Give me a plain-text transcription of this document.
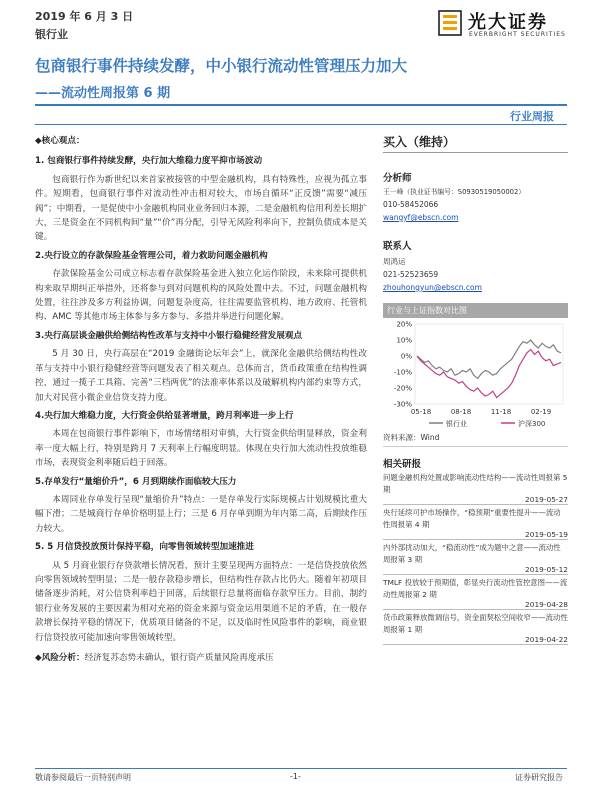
2019 年 6 月 3 日
银行业
光大证券
EVERBRIGHT SECURITIES
包商银行事件持续发酵，中小银行流动性管理压力加大
——流动性周报第 6 期
行业周报
◆核心观点：
1. 包商银行事件持续发酵，央行加大维稳力度平抑市场波动

包商银行作为新世纪以来首家被接管的中型金融机构，具有特殊性，应视为孤立事件。短期看，包商银行事件对流动性冲击相对较大，市场自循环“正反馈”需要“减压阀”；中期看，一是促使中小金融机构同业业务回归本源，二是金融机构信用利差长期扩大，三是资金在不同机构间“量”“价”再分配，引导无风险利率向下，控制负债成本是关键。

2.央行设立的存款保险基金管理公司，着力救助问题金融机构

存款保险基金公司成立标志着存款保险基金进入独立化运作阶段，未来除可提供机构来取早期纠正举措外，还将参与到对问题机构的风险处置中去。不过，问题金融机构处置，往往涉及多方利益协调，问题复杂度高，往往需要监管机构、地方政府、托管机构、AMC 等其他市场主体参与多方参与、多措并举进行问题化解。

3.央行高层谈金融供给侧结构性改革与支持中小银行稳健经营发展观点

5 月 30 日，央行高层在“2019 金融街论坛年会”上，就深化金融供给侧结构性改革与支持中小银行稳健经营等问题发表了相关观点。总体而言，货币政策重在结构性调控，通过一揽子工具箱、完善“三档两优”的法准率体系以及破解机构内部约束等方式，加大对民营小微企业信贷支持力度。

4.央行加大维稳力度，大行资金供给显著增量，跨月利率进一步上行

本周在包商银行事件影响下，市场情绪相对审慎，大行资金供给明显释放，资金利率一度大幅上行，特别是跨月 7 天利率上行幅度明显。体现在央行加大流动性投放维稳市场，表现资金利率随后趋于回落。

5.存单发行“量缩价升”，6 月到期续作面临较大压力

本周同业存单发行呈现“量缩价升”特点：一是存单发行实际规模占计划规模比重大幅下滑；二是城商行存单价格明显上行；三是 6 月存单到期为年内第二高，后期续作压力较大。

5. 5 月信贷投放预计保持平稳，向零售领域转型加速推进

从 5 月商业银行存贷款增长情况看，预计主要呈现两方面特点：一是信贷投放依然向零售领域转型明显；二是一般存款稳步增长，但结构性存款占比仍大。随着年初项目储备逐步消耗，对公信贷利率趋于回落，后续银行总量将面临存款窄压力。目前，制约银行业务发展的主要因素为相对充裕的资金来源与资金运用渠道不足的矛盾，在一般存款增长保持平稳的情况下，优质项目储备的不足，以及临时性风险事件的影响，商业银行信贷投放可能加速向零售领域转型。

◆风险分析：经济复苏态势未确认，银行资产质量风险再度承压
买入（维持）
分析师
王一峰（执业证书编号：S0930519050002）
010-58452066
wangyf@ebscn.com
联系人
周鸿运
021-52523659
zhouhongyun@ebscn.com
行业与上证指数对比图
20%
10%
0%
-10%
-20%
-30%
05-18	08-18	11-18	02-19
银行业	沪深300
资料来源：Wind
相关研报
问题金融机构处置或影响流动性结构——流动性周报第 5 期
2019-05-27
央行延续可护市场操作，“稳预期”重要性提升——流动性周报第 4 期
2019-05-19
内外部扰动加大，“稳流动性”成为题中之意——流动性周报第 3 期
2019-05-12
TMLF 投放较于预期值，彰显央行流动性管控意图——流动性周报第 2 期
2019-04-28
货币政策释放微调信号，资金面契松空间收窄——流动性周报第 1 期
2019-04-22
敬请参阅最后一页特别声明	-1-	证券研究报告
